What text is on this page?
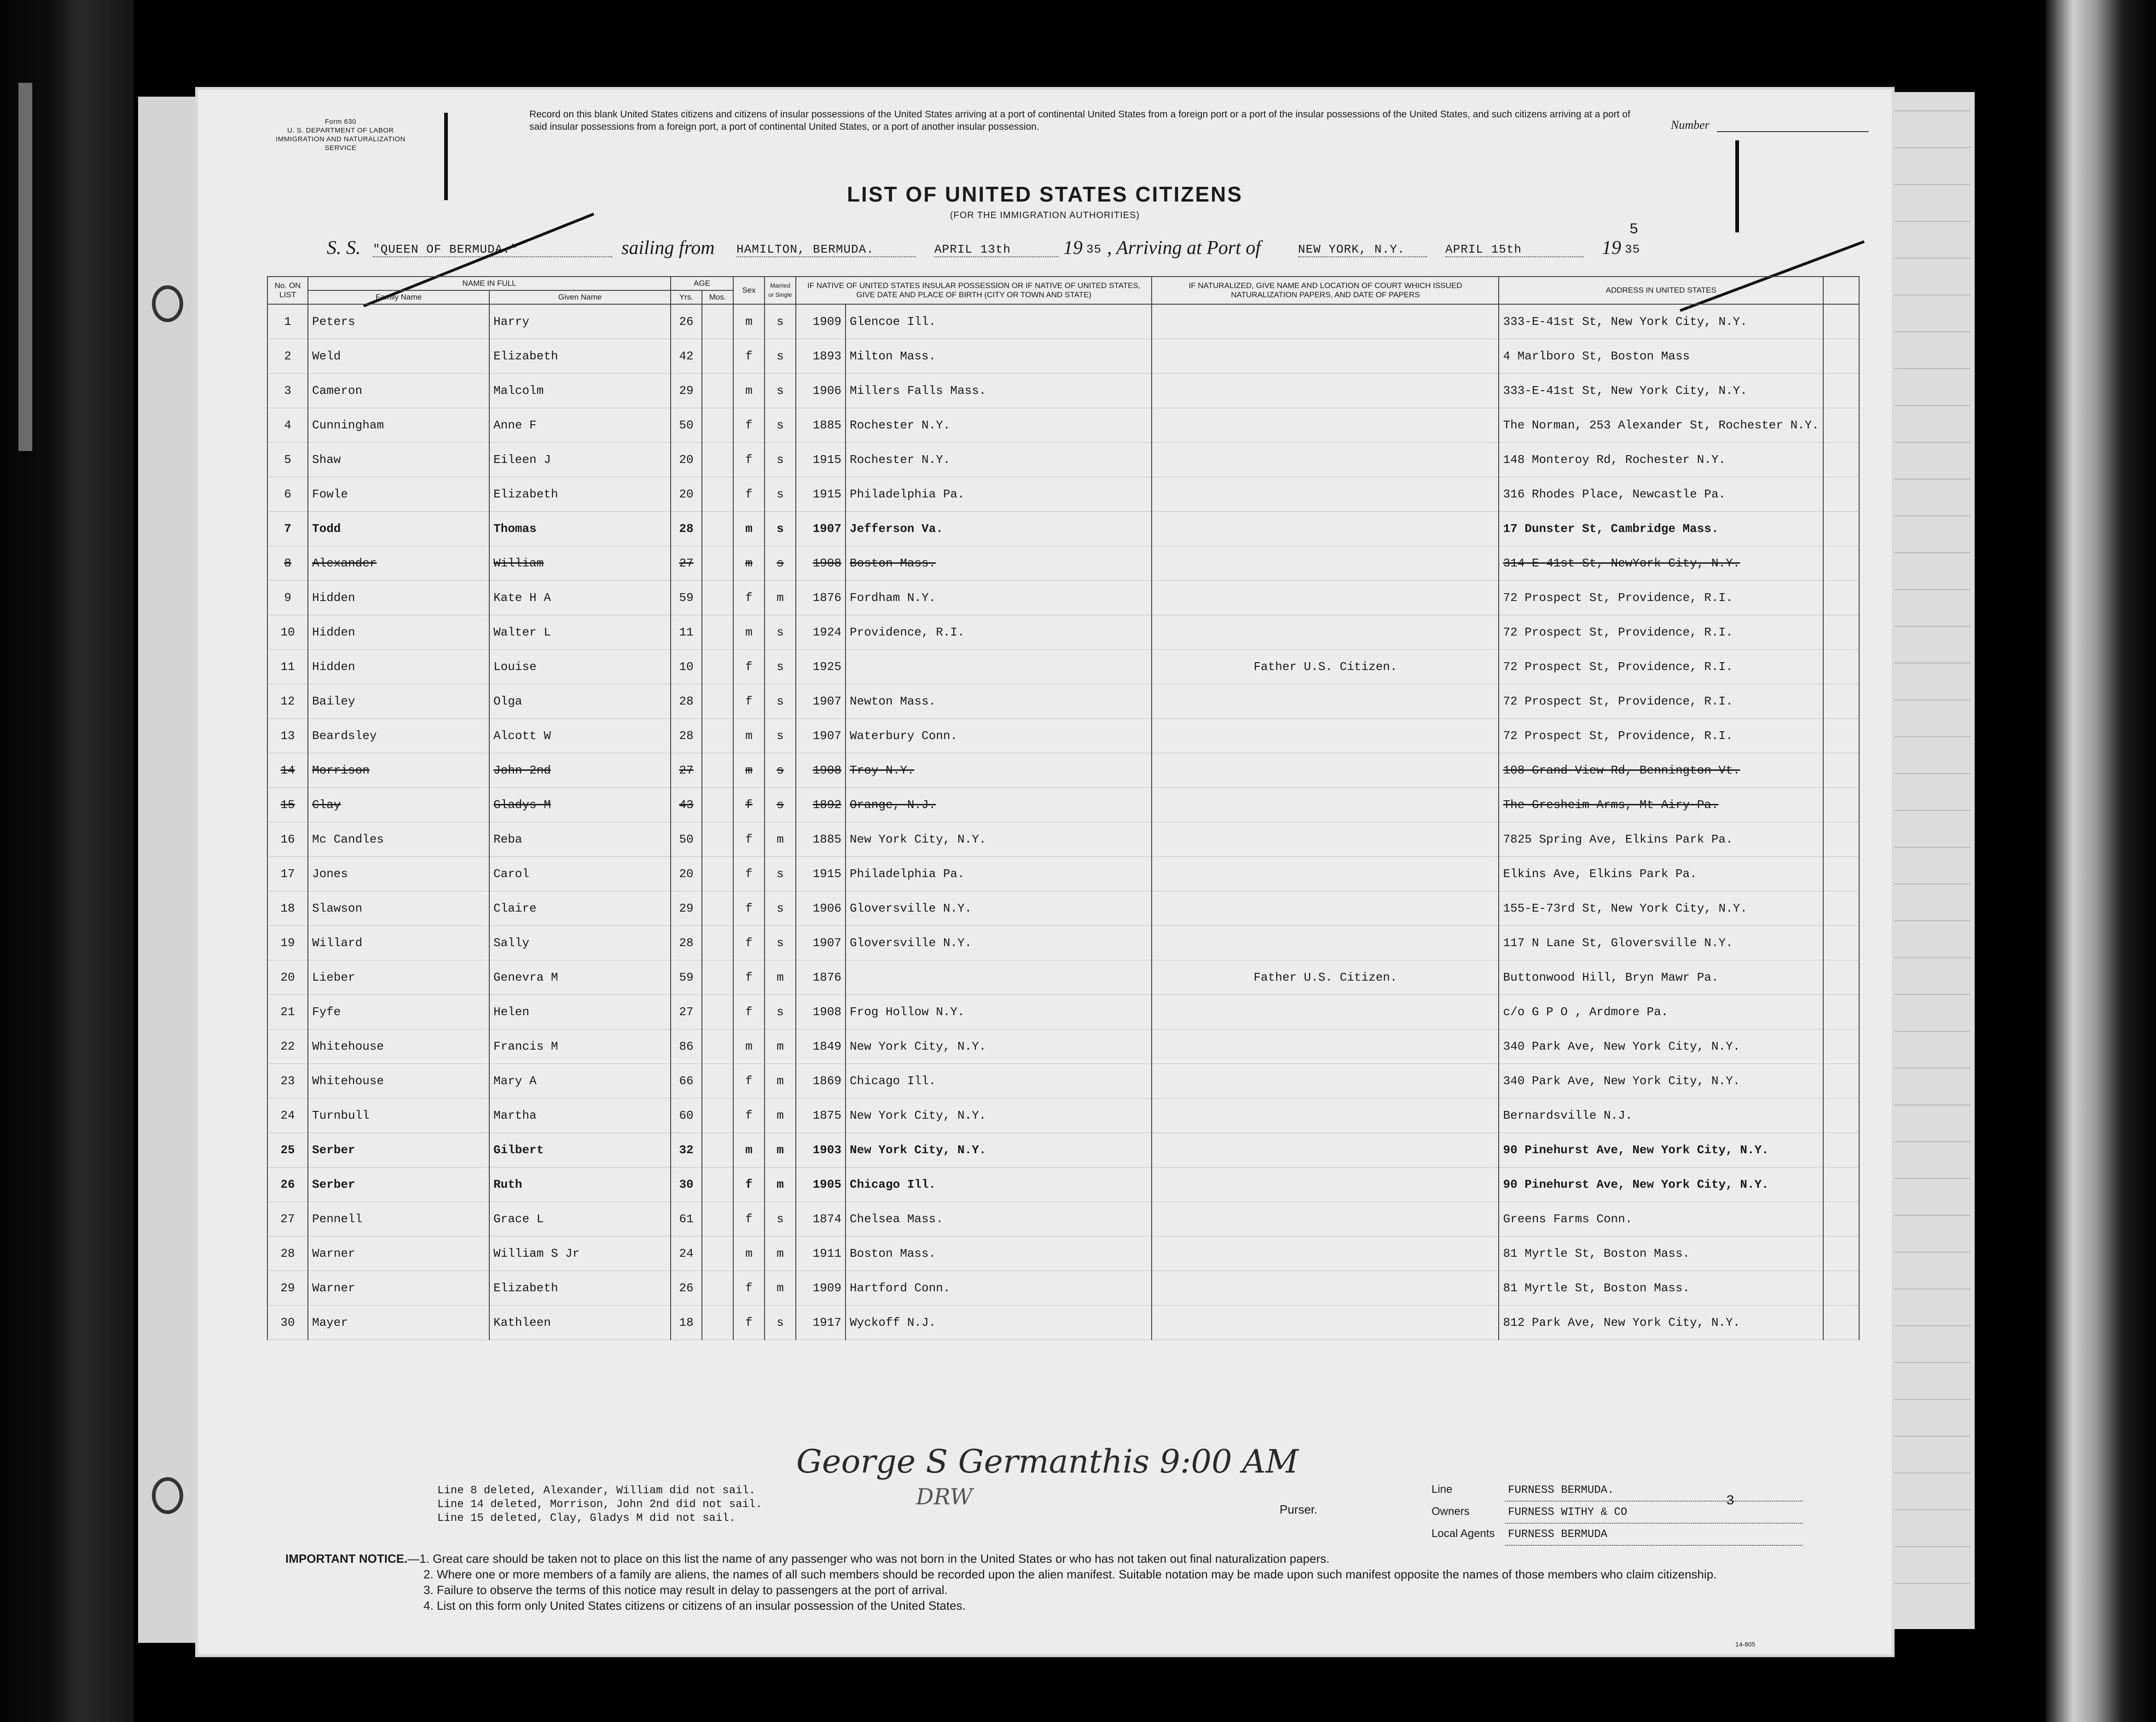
Form 630
U. S. DEPARTMENT OF LABOR
IMMIGRATION AND NATURALIZATION SERVICE
Record on this blank United States citizens and citizens of insular possessions of the United States arriving at a port of continental United States from a foreign port or a port of the insular possessions of the United States, and such citizens arriving at a port of said insular possessions from a foreign port, a port of continental United States, or a port of another insular possession.	Number
LIST OF UNITED STATES CITIZENS
(FOR THE IMMIGRATION AUTHORITIES)
S. S. "QUEEN OF BERMUDA."	sailing from HAMILTON, BERMUDA.	APRIL 13th	19 35 , Arriving at Port of	NEW YORK, N.Y.	APRIL 15th	19 35
5
No. ON LIST	NAME IN FULL		AGE		Sex	Married or Single	IF NATIVE OF UNITED STATES INSULAR POSSESSION OR IF NATIVE OF UNITED STATES, GIVE DATE AND PLACE OF BIRTH (CITY OR TOWN AND STATE)		IF NATURALIZED, GIVE NAME AND LOCATION OF COURT WHICH ISSUED NATURALIZATION PAPERS, AND DATE OF PAPERS	ADDRESS IN UNITED STATES	
	Family Name	Given Name	Yrs.	Mos.							
1	Peters	Harry	26		m	s	1909	Glencoe Ill.		333-E-41st St, New York City, N.Y.	
2	Weld	Elizabeth	42		f	s	1893	Milton Mass.		4 Marlboro St, Boston Mass	
3	Cameron	Malcolm	29		m	s	1906	Millers Falls Mass.		333-E-41st St, New York City, N.Y.	
4	Cunningham	Anne F	50		f	s	1885	Rochester N.Y.		The Norman, 253 Alexander St, Rochester N.Y.	
5	Shaw	Eileen J	20		f	s	1915	Rochester N.Y.		148 Monteroy Rd, Rochester N.Y.	
6	Fowle	Elizabeth	20		f	s	1915	Philadelphia Pa.		316 Rhodes Place, Newcastle Pa.	
7	Todd	Thomas	28		m	s	1907	Jefferson Va.		17 Dunster St, Cambridge Mass.	
8	Alexander	William	27		m	s	1908	Boston Mass.		314-E-41st St, NewYork City, N.Y.	
9	Hidden	Kate H A	59		f	m	1876	Fordham N.Y.		72 Prospect St, Providence, R.I.	
10	Hidden	Walter L	11		m	s	1924	Providence, R.I.		72 Prospect St, Providence, R.I.	
11	Hidden	Louise	10		f	s	1925		Father U.S. Citizen.	72 Prospect St, Providence, R.I.	
12	Bailey	Olga	28		f	s	1907	Newton Mass.		72 Prospect St, Providence, R.I.	
13	Beardsley	Alcott W	28		m	s	1907	Waterbury Conn.		72 Prospect St, Providence, R.I.	
14	Morrison	John 2nd	27		m	s	1908	Troy N.Y.		108 Grand View Rd, Bennington Vt.	
15	Clay	Gladys M	43		f	s	1892	Orange, N.J.		The Gresheim Arms, Mt Airy Pa.	
16	Mc Candles	Reba	50		f	m	1885	New York City, N.Y.		7825 Spring Ave, Elkins Park Pa.	
17	Jones	Carol	20		f	s	1915	Philadelphia Pa.		Elkins Ave, Elkins Park Pa.	
18	Slawson	Claire	29		f	s	1906	Gloversville N.Y.		155-E-73rd St, New York City, N.Y.	
19	Willard	Sally	28		f	s	1907	Gloversville N.Y.		117 N Lane St, Gloversville N.Y.	
20	Lieber	Genevra M	59		f	m	1876		Father U.S. Citizen.	Buttonwood Hill, Bryn Mawr Pa.	
21	Fyfe	Helen	27		f	s	1908	Frog Hollow N.Y.		c/o G P O , Ardmore Pa.	
22	Whitehouse	Francis M	86		m	m	1849	New York City, N.Y.		340 Park Ave, New York City, N.Y.	
23	Whitehouse	Mary A	66		f	m	1869	Chicago Ill.		340 Park Ave, New York City, N.Y.	
24	Turnbull	Martha	60		f	m	1875	New York City, N.Y.		Bernardsville N.J.	
25	Serber	Gilbert	32		m	m	1903	New York City, N.Y.		90 Pinehurst Ave, New York City, N.Y.	
26	Serber	Ruth	30		f	m	1905	Chicago Ill.		90 Pinehurst Ave, New York City, N.Y.	
27	Pennell	Grace L	61		f	s	1874	Chelsea Mass.		Greens Farms Conn.	
28	Warner	William S Jr	24		m	m	1911	Boston Mass.		81 Myrtle St, Boston Mass.	
29	Warner	Elizabeth	26		f	m	1909	Hartford Conn.		81 Myrtle St, Boston Mass.	
30	Mayer	Kathleen	18		f	s	1917	Wyckoff N.J.		812 Park Ave, New York City, N.Y.	
Line 8 deleted, Alexander, William did not sail.
Line 14 deleted, Morrison, John 2nd did not sail.
Line 15 deleted, Clay, Gladys M did not sail.
George S Germanthis 9:00 AM
DRW	Purser.
Line	FURNESS BERMUDA.
Owners	FURNESS WITHY & CO
Local Agents FURNESS BERMUDA
3
IMPORTANT NOTICE.—1. Great care should be taken not to place on this list the name of any passenger who was not born in the United States or who has not taken out final naturalization papers.
2. Where one or more members of a family are aliens, the names of all such members should be recorded upon the alien manifest. Suitable notation may be made upon such manifest opposite the names of those members who claim citizenship.
3. Failure to observe the terms of this notice may result in delay to passengers at the port of arrival.
4. List on this form only United States citizens or citizens of an insular possession of the United States.
14-805
